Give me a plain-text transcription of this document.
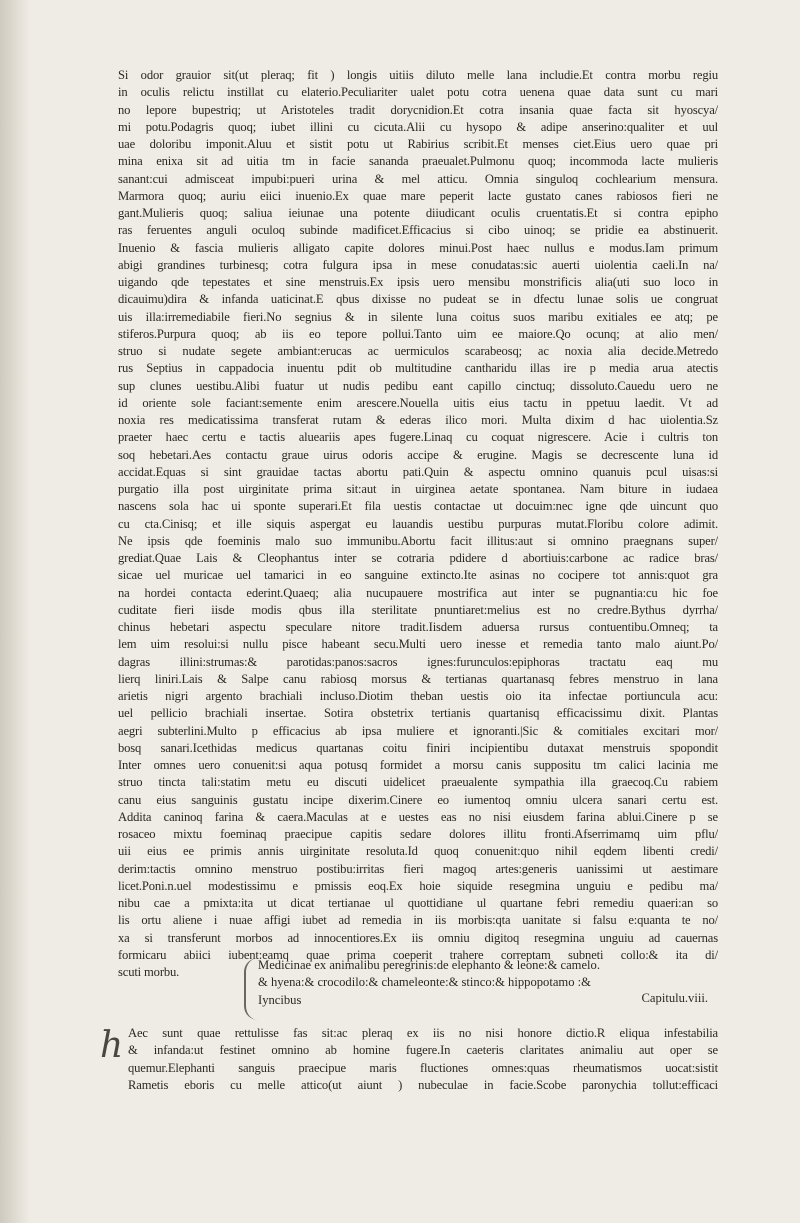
Si odor grauior sit(ut pleraq; fit ) longis uitiis diluto melle lana includie.Et contra morbu regiu
in oculis relictu instillat cu elaterio.Peculiariter ualet potu cotra uenena quae data sunt cu mari
no lepore bupestriq; ut Aristoteles tradit dorycnidion.Et cotra insania quae facta sit hyoscya/
mi potu.Podagris quoq; iubet illini cu cicuta.Alii cu hysopo & adipe anserino:qualiter et uul
uae doloribu imponit.Aluu et sistit potu ut Rabirius scribit.Et menses ciet.Eius uero quae pri
mina enixa sit ad uitia tm in facie sananda praeualet.Pulmonu quoq; incommoda lacte mulieris
sanant:cui admisceat impubi:pueri urina & mel atticu. Omnia singuloq cochlearium mensura.
Marmora quoq; auriu eiici inuenio.Ex quae mare peperit lacte gustato canes rabiosos fieri ne
gant.Mulieris quoq; saliua ieiunae una potente diiudicant oculis cruentatis.Et si contra epipho
ras feruentes anguli oculoq subinde madificet.Efficacius si cibo uinoq; se pridie ea abstinuerit.
Inuenio & fascia mulieris alligato capite dolores minui.Post haec nullus e modus.Iam primum
abigi grandines turbinesq; cotra fulgura ipsa in mese conudatas:sic auerti uiolentia caeli.In na/
uigando qde tepestates et sine menstruis.Ex ipsis uero mensibu monstrificis alia(uti suo loco in
dicauimu)dira & infanda uaticinat.E qbus dixisse no pudeat se in dfectu lunae solis ue congruat
uis illa:irremediabile fieri.No segnius & in silente luna coitus suos maribu exitiales ee atq; pe
stiferos.Purpura quoq; ab iis eo tepore pollui.Tanto uim ee maiore.Qo ocunq; at alio men/
struo si nudate segete ambiant:erucas ac uermiculos scarabeosq; ac noxia alia decide.Metredo
rus Septius in cappadocia inuentu pdit ob multitudine cantharidu illas ire p media arua atectis
sup clunes uestibu.Alibi fuatur ut nudis pedibu eant capillo cinctuq; dissoluto.Cauedu uero ne
id oriente sole faciant:semente enim arescere.Nouella uitis eius tactu in ppetuu laedit. Vt ad
noxia res medicatissima transferat rutam & ederas ilico mori. Multa dixim d hac uiolentia.Sz
praeter haec certu e tactis alueariis apes fugere.Linaq cu coquat nigrescere. Acie i cultris ton
soq hebetari.Aes contactu graue uirus odoris accipe & erugine. Magis se decrescente luna id
accidat.Equas si sint grauidae tactas abortu pati.Quin & aspectu omnino quanuis pcul uisas:si
purgatio illa post uirginitate prima sit:aut in uirginea aetate spontanea. Nam biture in iudaea
nascens sola hac ui sponte superari.Et fila uestis contactae ut docuim:nec igne qde uincunt quo
cu cta.Cinisq; et ille siquis aspergat eu lauandis uestibu purpuras mutat.Floribu colore adimit.
Ne ipsis qde foeminis malo suo immunibu.Abortu facit illitus:aut si omnino praegnans super/
grediat.Quae Lais & Cleophantus inter se cotraria pdidere d abortiuis:carbone ac radice bras/
sicae uel muricae uel tamarici in eo sanguine extincto.Ite asinas no cocipere tot annis:quot gra
na hordei contacta ederint.Quaeq; alia nucupauere mostrifica aut inter se pugnantia:cu hic foe
cuditate fieri iisde modis qbus illa sterilitate pnuntiaret:melius est no credre.Bythus dyrrha/
chinus hebetari aspectu speculare nitore tradit.Iisdem aduersa rursus contuentibu.Omneq; ta
lem uim resolui:si nullu pisce habeant secu.Multi uero inesse et remedia tanto malo aiunt.Po/
dagras illini:strumas:& parotidas:panos:sacros ignes:furunculos:epiphoras tractatu eaq mu
lierq liniri.Lais & Salpe canu rabiosq morsus & tertianas quartanasq febres menstruo in lana
arietis nigri argento brachiali incluso.Diotim theban uestis oio ita infectae portiuncula acu:
uel pellicio brachiali insertae. Sotira obstetrix tertianis quartanisq efficacissimu dixit. Plantas
aegri subterlini.Multo p efficacius ab ipsa muliere et ignoranti.|Sic & comitiales excitari mor/
bosq sanari.Icethidas medicus quartanas coitu finiri incipientibu dutaxat menstruis spopondit
Inter omnes uero conuenit:si aqua potusq formidet a morsu canis suppositu tm calici lacinia me
struo tincta tali:statim metu eu discuti uidelicet praeualente sympathia illa graecoq.Cu rabiem
canu eius sanguinis gustatu incipe dixerim.Cinere eo iumentoq omniu ulcera sanari certu est.
Addita caninoq farina & caera.Maculas at e uestes eas no nisi eiusdem farina ablui.Cinere p se
rosaceo mixtu foeminaq praecipue capitis sedare dolores illitu fronti.Afserrimamq uim pflu/
uii eius ee primis annis uirginitate resoluta.Id quoq conuenit:quo nihil eqdem libenti credi/
derim:tactis omnino menstruo postibu:irritas fieri magoq artes:generis uanissimi ut aestimare
licet.Poni.n.uel modestissimu e pmissis eoq.Ex hoie siquide resegmina unguiu e pedibu ma/
nibu cae a pmixta:ita ut dicat tertianae ul quottidiane ul quartane febri remediu quaeri:an so
lis ortu aliene i nuae affigi iubet ad remedia in iis morbis:qta uanitate si falsu e:quanta te no/
xa si transferunt morbos ad innocentiores.Ex iis omniu digitoq resegmina unguiu ad cauernas
formicaru abiici iubent:eamq quae prima coeperit trahere correptam subneti collo:& ita di/
scuti morbu.	Medicinae ex animalibu peregrinis:de elephanto & leone:& camelo.
& hyena:& crocodilo:& chameleonte:& stinco:& hippopotamo :&
Iyncibus	Capitulu.viii.
h Aec sunt quae rettulisse fas sit:ac pleraq ex iis no nisi honore dictio.R eliqua infestabilia
& infanda:ut festinet omnino ab homine fugere.In caeteris claritates animaliu aut oper se
quemur.Elephanti sanguis praecipue maris fluctiones omnes:quas rheumatismos uocat:sistit
Rametis eboris cu melle attico(ut aiunt ) nubeculae in facie.Scobe paronychia tollut:efficaci
